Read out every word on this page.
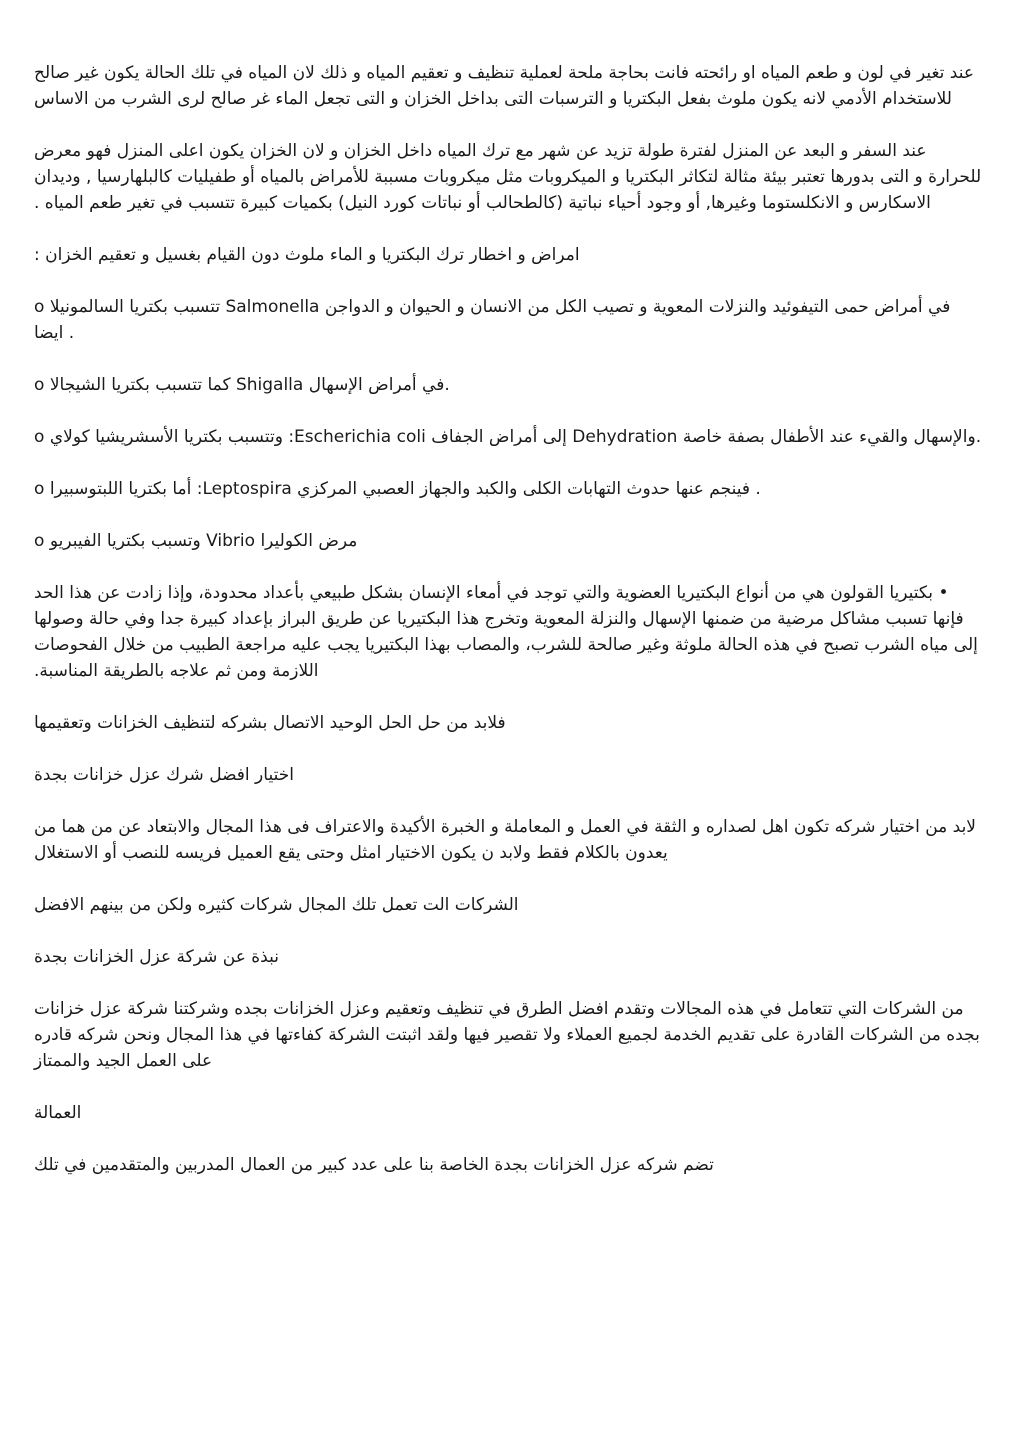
عند تغير في لون و طعم المياه او رائحته فانت بحاجة ملحة لعملية تنظيف و تعقيم المياه و ذلك لان المياه في تلك الحالة يكون غير صالح للاستخدام الأدمي لانه يكون ملوث بفعل البكتريا و الترسبات التى بداخل الخزان و التى تجعل الماء غر صالح لرى الشرب من الاساس

عند السفر و البعد عن المنزل لفترة طولة تزيد عن شهر مع ترك المياه داخل الخزان و لان الخزان يكون اعلى المنزل فهو معرض للحرارة و التى بدورها تعتبر بيئة مثالة لتكاثر البكتريا و الميكروبات مثل ميكروبات مسببة للأمراض بالمياه أو طفيليات كالبلهارسيا , وديدان الاسكارس و الانكلستوما وغيرها, أو وجود أحياء نباتية (كالطحالب أو نباتات كورد النيل) بكميات كبيرة تتسبب في تغير طعم المياه .

امراض و اخطار ترك البكتريا و الماء ملوث دون القيام بغسيل و تعقيم الخزان :

o تتسبب بكتريا السالمونيلا Salmonella في أمراض حمى التيفوئيد والنزلات المعوية و تصيب الكل من الانسان و الحيوان و الدواجن ايضا .

o كما تتسبب بكتريا الشيجالا Shigalla في أمراض الإسهال.

o وتتسبب بكتريا الأسشريشيا كولاي :Escherichia coli إلى أمراض الجفاف Dehydration والإسهال والقيء عند الأطفال بصفة خاصة.

o أما بكتريا اللبتوسبيرا :Leptospira فينجم عنها حدوث التهابات الكلى والكبد والجهاز العصبي المركزي .

o وتسبب بكتريا الفيبريو Vibrio مرض الكوليرا

• بكتيريا القولون هي من أنواع البكتيريا العضوية والتي توجد في أمعاء الإنسان بشكل طبيعي بأعداد محدودة، وإذا زادت عن هذا الحد فإنها تسبب مشاكل مرضية من ضمنها الإسهال والنزلة المعوية وتخرج هذا البكتيريا عن طريق البراز بإعداد كبيرة جدا وفي حالة وصولها إلى مياه الشرب تصبح في هذه الحالة ملوثة وغير صالحة للشرب، والمصاب بهذا البكتيريا يجب عليه مراجعة الطبيب من خلال الفحوصات اللازمة ومن ثم علاجه بالطريقة المناسبة.

فلابد من حل الحل الوحيد الاتصال بشركه لتنظيف الخزانات وتعقيمها

اختيار افضل شرك عزل خزانات بجدة

لابد من اختيار شركه تكون اهل لصداره و الثقة في العمل و المعاملة و الخبرة الأكيدة والاعتراف فى هذا المجال والابتعاد عن من هما من يعدون بالكلام فقط ولابد ن يكون الاختيار امثل وحتى يقع العميل فريسه للنصب أو الاستغلال

الشركات الت تعمل تلك المجال شركات كثيره ولكن من بينهم الافضل

نبذة عن شركة عزل الخزانات بجدة

من الشركات التي تتعامل في هذه المجالات وتقدم افضل الطرق في تنظيف وتعقيم وعزل الخزانات بجده وشركتنا شركة عزل خزانات بجده من الشركات القادرة على تقديم الخدمة لجميع العملاء ولا تقصير فيها ولقد اثبتت الشركة كفاءتها في هذا المجال ونحن شركه قادره على العمل الجيد والممتاز

العمالة

تضم شركه عزل الخزانات بجدة الخاصة بنا على عدد كبير من العمال المدربين والمتقدمين في تلك
